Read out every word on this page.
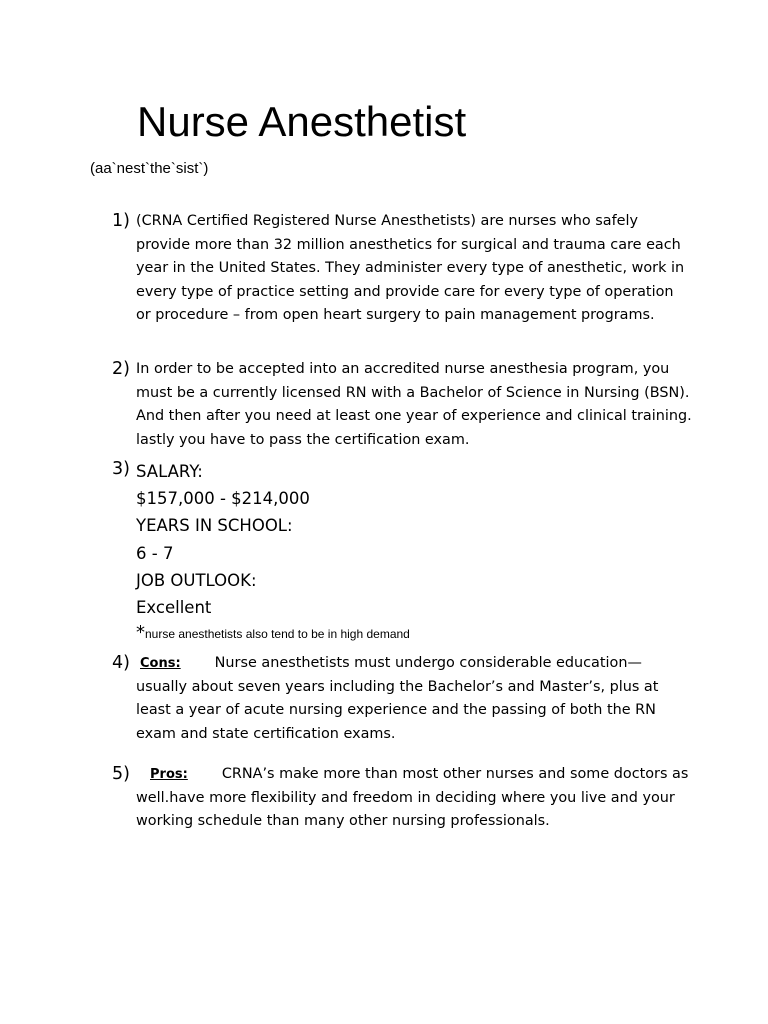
Nurse Anesthetist
(aa`nest`the`sist`)
1) (CRNA Certified Registered Nurse Anesthetists) are nurses who safely provide more than 32 million anesthetics for surgical and trauma care each year in the United States. They administer every type of anesthetic, work in every type of practice setting and provide care for every type of operation or procedure – from open heart surgery to pain management programs.
2) In order to be accepted into an accredited nurse anesthesia program, you must be a currently licensed RN with a Bachelor of Science in Nursing (BSN). And then after you need at least one year of experience and clinical training. lastly you have to pass the certification exam.
3) SALARY:
$157,000 - $214,000
YEARS IN SCHOOL:
6 - 7
JOB OUTLOOK:
Excellent
*nurse anesthetists also tend to be in high demand
4) Cons: Nurse anesthetists must undergo considerable education—usually about seven years including the Bachelor’s and Master’s, plus at least a year of acute nursing experience and the passing of both the RN exam and state certification exams.
5)	Pros: CRNA’s make more than most other nurses and some doctors as well.have more flexibility and freedom in deciding where you live and your working schedule than many other nursing professionals.
